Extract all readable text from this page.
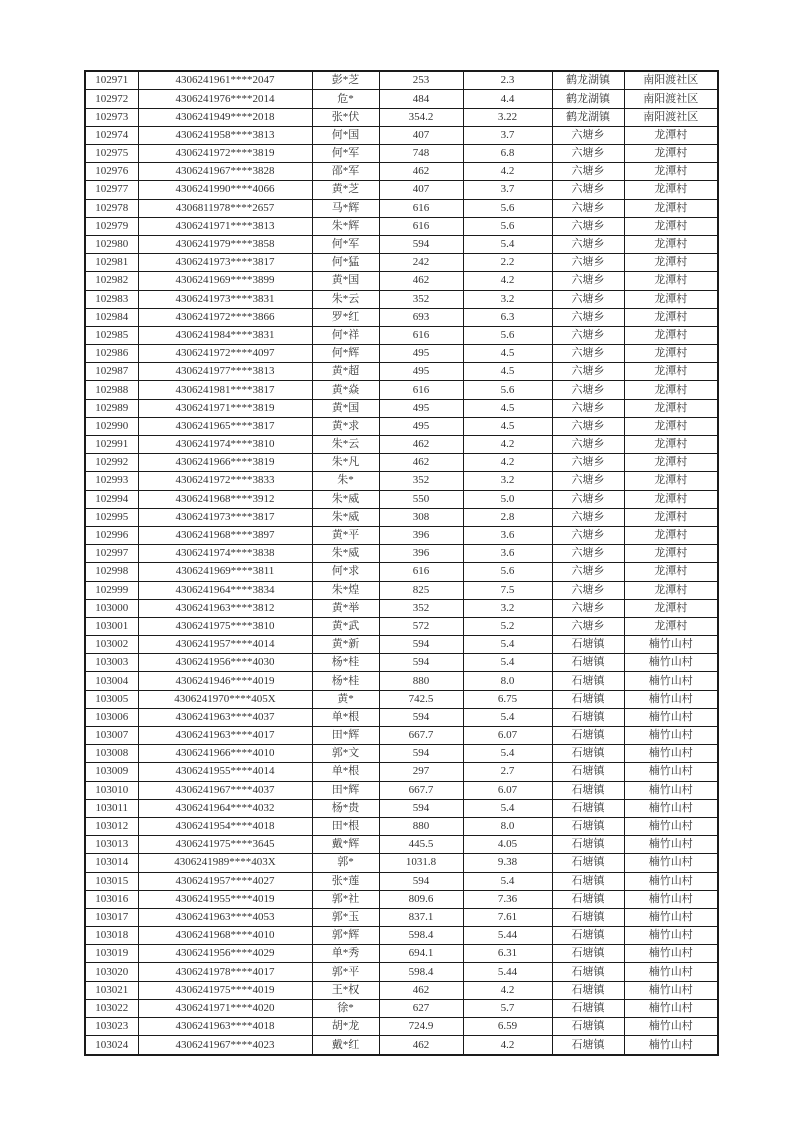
102971	4306241961****2047	彭*芝	253	2.3	鹤龙湖镇	南阳渡社区
102972	4306241976****2014	危*	484	4.4	鹤龙湖镇	南阳渡社区
102973	4306241949****2018	张*伏	354.2	3.22	鹤龙湖镇	南阳渡社区
102974	4306241958****3813	何*国	407	3.7	六塘乡	龙潭村
102975	4306241972****3819	何*军	748	6.8	六塘乡	龙潭村
102976	4306241967****3828	邵*军	462	4.2	六塘乡	龙潭村
102977	4306241990****4066	黄*芝	407	3.7	六塘乡	龙潭村
102978	4306811978****2657	马*辉	616	5.6	六塘乡	龙潭村
102979	4306241971****3813	朱*辉	616	5.6	六塘乡	龙潭村
102980	4306241979****3858	何*军	594	5.4	六塘乡	龙潭村
102981	4306241973****3817	何*猛	242	2.2	六塘乡	龙潭村
102982	4306241969****3899	黄*国	462	4.2	六塘乡	龙潭村
102983	4306241973****3831	朱*云	352	3.2	六塘乡	龙潭村
102984	4306241972****3866	罗*红	693	6.3	六塘乡	龙潭村
102985	4306241984****3831	何*祥	616	5.6	六塘乡	龙潭村
102986	4306241972****4097	何*辉	495	4.5	六塘乡	龙潭村
102987	4306241977****3813	黄*超	495	4.5	六塘乡	龙潭村
102988	4306241981****3817	黄*焱	616	5.6	六塘乡	龙潭村
102989	4306241971****3819	黄*国	495	4.5	六塘乡	龙潭村
102990	4306241965****3817	黄*求	495	4.5	六塘乡	龙潭村
102991	4306241974****3810	朱*云	462	4.2	六塘乡	龙潭村
102992	4306241966****3819	朱*凡	462	4.2	六塘乡	龙潭村
102993	4306241972****3833	朱*	352	3.2	六塘乡	龙潭村
102994	4306241968****3912	朱*威	550	5.0	六塘乡	龙潭村
102995	4306241973****3817	朱*威	308	2.8	六塘乡	龙潭村
102996	4306241968****3897	黄*平	396	3.6	六塘乡	龙潭村
102997	4306241974****3838	朱*威	396	3.6	六塘乡	龙潭村
102998	4306241969****3811	何*求	616	5.6	六塘乡	龙潭村
102999	4306241964****3834	朱*煌	825	7.5	六塘乡	龙潭村
103000	4306241963****3812	黄*举	352	3.2	六塘乡	龙潭村
103001	4306241975****3810	黄*武	572	5.2	六塘乡	龙潭村
103002	4306241957****4014	黄*新	594	5.4	石塘镇	楠竹山村
103003	4306241956****4030	杨*桂	594	5.4	石塘镇	楠竹山村
103004	4306241946****4019	杨*桂	880	8.0	石塘镇	楠竹山村
103005	4306241970****405X	黄*	742.5	6.75	石塘镇	楠竹山村
103006	4306241963****4037	单*根	594	5.4	石塘镇	楠竹山村
103007	4306241963****4017	田*辉	667.7	6.07	石塘镇	楠竹山村
103008	4306241966****4010	郭*文	594	5.4	石塘镇	楠竹山村
103009	4306241955****4014	单*根	297	2.7	石塘镇	楠竹山村
103010	4306241967****4037	田*辉	667.7	6.07	石塘镇	楠竹山村
103011	4306241964****4032	杨*贵	594	5.4	石塘镇	楠竹山村
103012	4306241954****4018	田*根	880	8.0	石塘镇	楠竹山村
103013	4306241975****3645	戴*辉	445.5	4.05	石塘镇	楠竹山村
103014	4306241989****403X	郭*	1031.8	9.38	石塘镇	楠竹山村
103015	4306241957****4027	张*莲	594	5.4	石塘镇	楠竹山村
103016	4306241955****4019	郭*社	809.6	7.36	石塘镇	楠竹山村
103017	4306241963****4053	郭*玉	837.1	7.61	石塘镇	楠竹山村
103018	4306241968****4010	郭*辉	598.4	5.44	石塘镇	楠竹山村
103019	4306241956****4029	单*秀	694.1	6.31	石塘镇	楠竹山村
103020	4306241978****4017	郭*平	598.4	5.44	石塘镇	楠竹山村
103021	4306241975****4019	王*权	462	4.2	石塘镇	楠竹山村
103022	4306241971****4020	徐*	627	5.7	石塘镇	楠竹山村
103023	4306241963****4018	胡*龙	724.9	6.59	石塘镇	楠竹山村
103024	4306241967****4023	戴*红	462	4.2	石塘镇	楠竹山村
